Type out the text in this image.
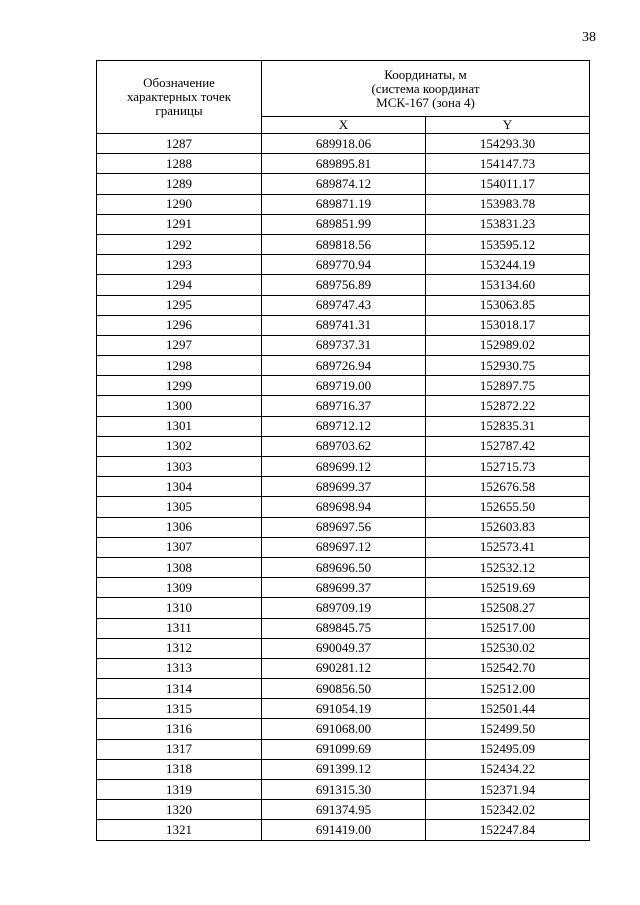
38
Обозначение
характерных точек
границы	Координаты, м
(система координат
МСК-167 (зона 4)	

	X	Y
1287	689918.06	154293.30
1288	689895.81	154147.73
1289	689874.12	154011.17
1290	689871.19	153983.78
1291	689851.99	153831.23
1292	689818.56	153595.12
1293	689770.94	153244.19
1294	689756.89	153134.60
1295	689747.43	153063.85
1296	689741.31	153018.17
1297	689737.31	152989.02
1298	689726.94	152930.75
1299	689719.00	152897.75
1300	689716.37	152872.22
1301	689712.12	152835.31
1302	689703.62	152787.42
1303	689699.12	152715.73
1304	689699.37	152676.58
1305	689698.94	152655.50
1306	689697.56	152603.83
1307	689697.12	152573.41
1308	689696.50	152532.12
1309	689699.37	152519.69
1310	689709.19	152508.27
1311	689845.75	152517.00
1312	690049.37	152530.02
1313	690281.12	152542.70
1314	690856.50	152512.00
1315	691054.19	152501.44
1316	691068.00	152499.50
1317	691099.69	152495.09
1318	691399.12	152434.22
1319	691315.30	152371.94
1320	691374.95	152342.02
1321	691419.00	152247.84
